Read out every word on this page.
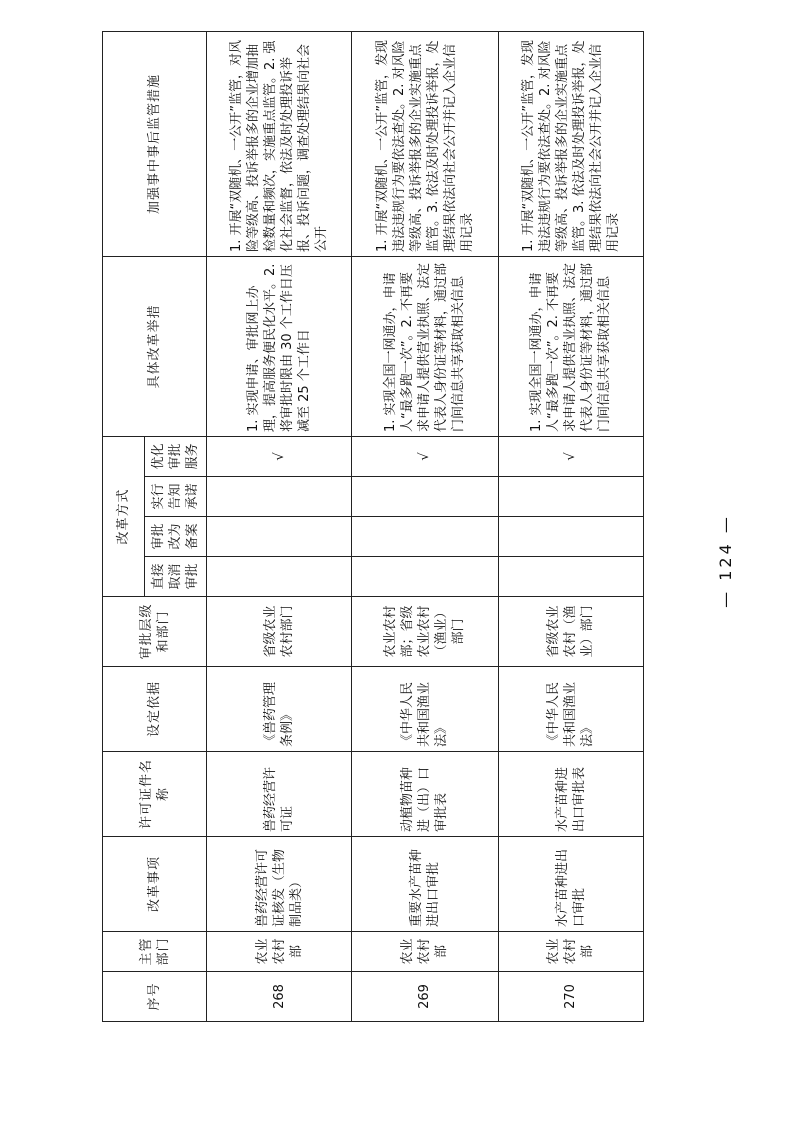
序号	主管部门	改革事项	许可证件名称	设定依据	审批层级和部门	改革方式				具体改革举措	加强事中事后监管措施
						直接取消审批	审批改为备案	实行告知承诺	优化审批服务		
268	农业农村部	兽药经营许可证核发（生物制品类）	兽药经营许可证	《兽药管理条例》	省级农业农村部门				√	1. 实现申请、审批网上办理，提高服务便民化水平。2. 将审批时限由 30 个工作日压减至 25 个工作日	1. 开展“双随机、一公开”监管，对风险等级高、投诉举报多的企业增加抽检数量和频次，实施重点监管。2. 强化社会监督，依法及时处理投诉举报、投诉问题，调查处理结果向社会公开
269	农业农村部	重要水产苗种进出口审批	动植物苗种进（出）口审批表	《中华人民共和国渔业法》	农业农村部；省级农业农村（渔业）部门				√	1. 实现全国一网通办，申请人“最多跑一次”。2. 不再要求申请人提供营业执照、法定代表人身份证等材料，通过部门间信息共享获取相关信息	1. 开展“双随机、一公开”监管，发现违法违规行为要依法查处。2. 对风险等级高、投诉举报多的企业实施重点监管。3. 依法及时处理投诉举报，处理结果依法向社会公开并记入企业信用记录
270	农业农村部	水产苗种进出口审批	水产苗种进出口审批表	《中华人民共和国渔业法》	省级农业农村（渔业）部门				√	1. 实现全国一网通办，申请人“最多跑一次”。2. 不再要求申请人提供营业执照、法定代表人身份证等材料，通过部门间信息共享获取相关信息	1. 开展“双随机、一公开”监管，发现违法违规行为要依法查处。2. 对风险等级高、投诉举报多的企业实施重点监管。3. 依法及时处理投诉举报，处理结果依法向社会公开并记入企业信用记录
— 124 —
